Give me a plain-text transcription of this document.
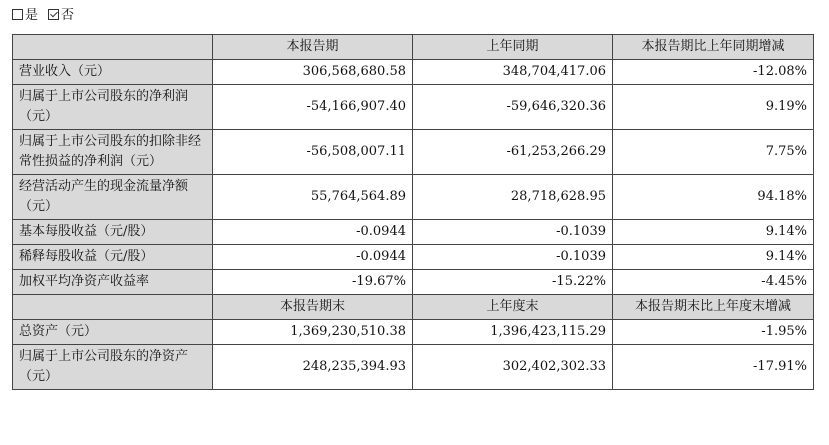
是 否
	本报告期	上年同期	本报告期比上年同期增减
营业收入（元）	306,568,680.58	348,704,417.06	-12.08%
归属于上市公司股东的净利润（元）	-54,166,907.40	-59,646,320.36	9.19%
归属于上市公司股东的扣除非经常性损益的净利润（元）	-56,508,007.11	-61,253,266.29	7.75%
经营活动产生的现金流量净额（元）	55,764,564.89	28,718,628.95	94.18%
基本每股收益（元/股）	-0.0944	-0.1039	9.14%
稀释每股收益（元/股）	-0.0944	-0.1039	9.14%
加权平均净资产收益率	-19.67%	-15.22%	-4.45%
	本报告期末	上年度末	本报告期末比上年度末增减
总资产（元）	1,369,230,510.38	1,396,423,115.29	-1.95%
归属于上市公司股东的净资产（元）	248,235,394.93	302,402,302.33	-17.91%
